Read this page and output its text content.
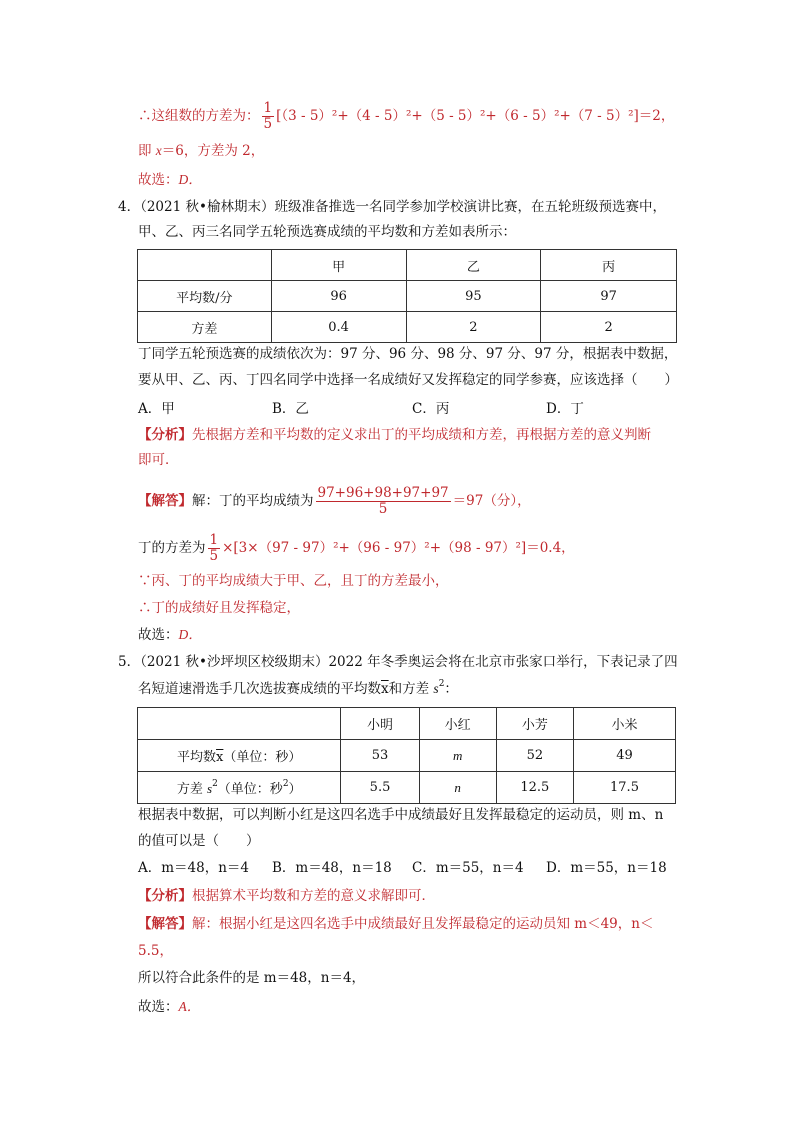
∴这组数的方差为： $\frac{1}{5} [(3 - 5)^2+(4 - 5)^2+(5 - 5)^2+(6 - 5)^2+(7 - 5)^2]=2$，
即 x＝6，方差为 2，
故选：D．
4．（2021 秋•榆林期末）班级准备推选一名同学参加学校演讲比赛，在五轮班级预选赛中，
甲、乙、丙三名同学五轮预选赛成绩的平均数和方差如表所示：
	甲	乙	丙
平均数/分	96	95	97
方差	0.4	2	2
丁同学五轮预选赛的成绩依次为：97 分、96 分、98 分、97 分、97 分，根据表中数据，
要从甲、乙、丙、丁四名同学中选择一名成绩好又发挥稳定的同学参赛，应该选择（　　）
A．甲	B．乙	C．丙	D．丁
【分析】先根据方差和平均数的定义求出丁的平均成绩和方差，再根据方差的意义判断
即可．
【解答】解：丁的平均成绩为 $\frac{97+96+98+97+97}{5} =97$（分），
丁的方差为 $\frac{1}{5} \times[3\times(97 - 97)^2+(96 - 97)^2+(98 - 97)^2]=0.4$，
∵丙、丁的平均成绩大于甲、乙，且丁的方差最小，
∴丁的成绩好且发挥稳定，
故选：D．
5．（2021 秋•沙坪坝区校级期末）2022 年冬季奥运会将在北京市张家口举行，下表记录了四
名短道速滑选手几次选拔赛成绩的平均数$\overline{x}$和方差 $s^2$：
	小明	小红	小芳	小米
平均数$\overline{x}$（单位：秒）	53	m	52	49
方差 $s^2$（单位：秒$^2$）	5.5	n	12.5	17.5
根据表中数据，可以判断小红是这四名选手中成绩最好且发挥最稳定的运动员，则 m、n
的值可以是（　　）
A．m＝48，n＝4 B．m＝48，n＝18 C．m＝55，n＝4 D．m＝55，n＝18
【分析】根据算术平均数和方差的意义求解即可．
【解答】解：根据小红是这四名选手中成绩最好且发挥最稳定的运动员知 m＜49，n＜
5.5，
所以符合此条件的是 m＝48，n＝4，
故选：A．
